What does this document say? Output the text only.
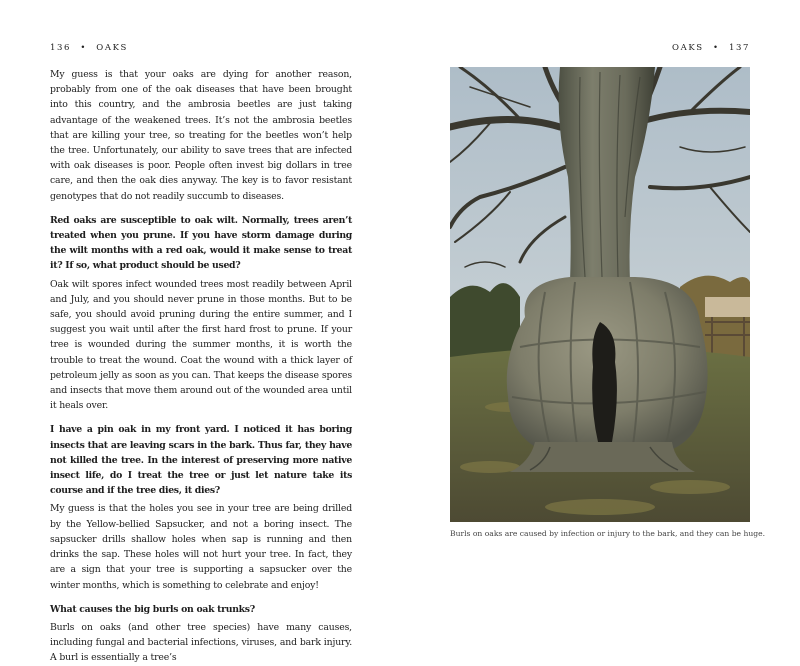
136 • OAKS

My guess is that your oaks are dying for another reason, probably from one of the oak diseases that have been brought into this country, and the ambrosia beetles are just taking advantage of the weakened trees. It’s not the ambrosia beetles that are killing your tree, so treating for the beetles won’t help the tree. Unfortunately, our ability to save trees that are infected with oak diseases is poor. People often invest big dollars in tree care, and then the oak dies anyway. The key is to favor resistant genotypes that do not readily succumb to diseases.

Red oaks are susceptible to oak wilt. Normally, trees aren’t treated when you prune. If you have storm damage during the wilt months with a red oak, would it make sense to treat it? If so, what product should be used?

Oak wilt spores infect wounded trees most readily between April and July, and you should never prune in those months. But to be safe, you should avoid pruning during the entire summer, and I suggest you wait until after the first hard frost to prune. If your tree is wounded during the summer months, it is worth the trouble to treat the wound. Coat the wound with a thick layer of petroleum jelly as soon as you can. That keeps the disease spores and insects that move them around out of the wounded area until it heals over.

I have a pin oak in my front yard. I noticed it has boring insects that are leaving scars in the bark. Thus far, they have not killed the tree. In the interest of preserving more native insect life, do I treat the tree or just let nature take its course and if the tree dies, it dies?

My guess is that the holes you see in your tree are being drilled by the Yellow-bellied Sapsucker, and not a boring insect. The sapsucker drills shallow holes when sap is running and then drinks the sap. These holes will not hurt your tree. In fact, they are a sign that your tree is supporting a sapsucker over the winter months, which is something to celebrate and enjoy!

What causes the big burls on oak trunks?

Burls on oaks (and other tree species) have many causes, including fungal and bacterial infections, viruses, and bark injury. A burl is essentially a tree’s

OAKS • 137
Burls on oaks are caused by infection or injury to the bark, and they can be huge.
